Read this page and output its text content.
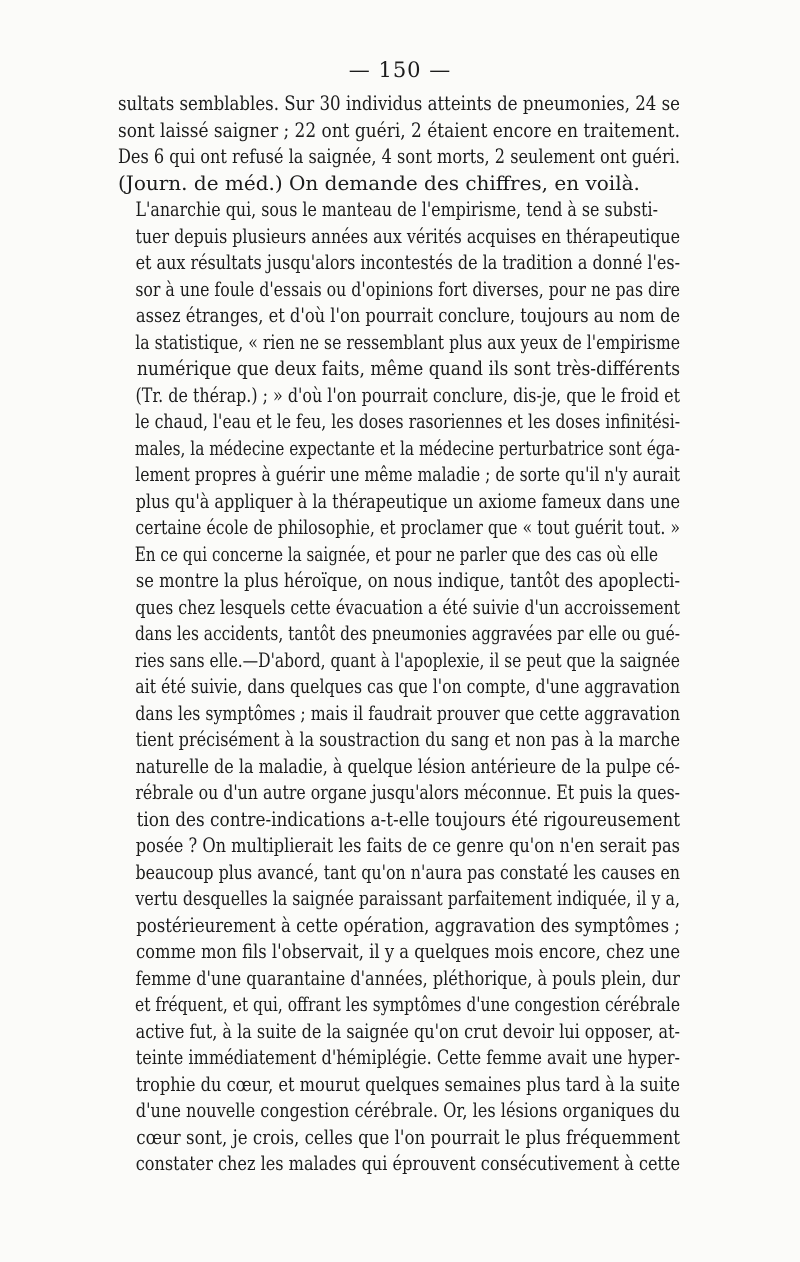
— 150 —
sultats semblables. Sur 30 individus atteints de pneumonies, 24 se
sont laissé saigner ; 22 ont guéri, 2 étaient encore en traitement.
Des 6 qui ont refusé la saignée, 4 sont morts, 2 seulement ont guéri.
(Journ. de méd.) On demande des chiffres, en voilà.
L'anarchie qui, sous le manteau de l'empirisme, tend à se substi-
tuer depuis plusieurs années aux vérités acquises en thérapeutique
et aux résultats jusqu'alors incontestés de la tradition a donné l'es-
sor à une foule d'essais ou d'opinions fort diverses, pour ne pas dire
assez étranges, et d'où l'on pourrait conclure, toujours au nom de
la statistique, « rien ne se ressemblant plus aux yeux de l'empirisme
numérique que deux faits, même quand ils sont très-différents
(Tr. de thérap.) ; » d'où l'on pourrait conclure, dis-je, que le froid et
le chaud, l'eau et le feu, les doses rasoriennes et les doses infinitési-
males, la médecine expectante et la médecine perturbatrice sont éga-
lement propres à guérir une même maladie ; de sorte qu'il n'y aurait
plus qu'à appliquer à la thérapeutique un axiome fameux dans une
certaine école de philosophie, et proclamer que « tout guérit tout. »
En ce qui concerne la saignée, et pour ne parler que des cas où elle
se montre la plus héroïque, on nous indique, tantôt des apoplecti-
ques chez lesquels cette évacuation a été suivie d'un accroissement
dans les accidents, tantôt des pneumonies aggravées par elle ou gué-
ries sans elle.—D'abord, quant à l'apoplexie, il se peut que la saignée
ait été suivie, dans quelques cas que l'on compte, d'une aggravation
dans les symptômes ; mais il faudrait prouver que cette aggravation
tient précisément à la soustraction du sang et non pas à la marche
naturelle de la maladie, à quelque lésion antérieure de la pulpe cé-
rébrale ou d'un autre organe jusqu'alors méconnue. Et puis la ques-
tion des contre-indications a-t-elle toujours été rigoureusement
posée ? On multiplierait les faits de ce genre qu'on n'en serait pas
beaucoup plus avancé, tant qu'on n'aura pas constaté les causes en
vertu desquelles la saignée paraissant parfaitement indiquée, il y a,
postérieurement à cette opération, aggravation des symptômes ;
comme mon fils l'observait, il y a quelques mois encore, chez une
femme d'une quarantaine d'années, pléthorique, à pouls plein, dur
et fréquent, et qui, offrant les symptômes d'une congestion cérébrale
active fut, à la suite de la saignée qu'on crut devoir lui opposer, at-
teinte immédiatement d'hémiplégie. Cette femme avait une hyper-
trophie du cœur, et mourut quelques semaines plus tard à la suite
d'une nouvelle congestion cérébrale. Or, les lésions organiques du
cœur sont, je crois, celles que l'on pourrait le plus fréquemment
constater chez les malades qui éprouvent consécutivement à cette
